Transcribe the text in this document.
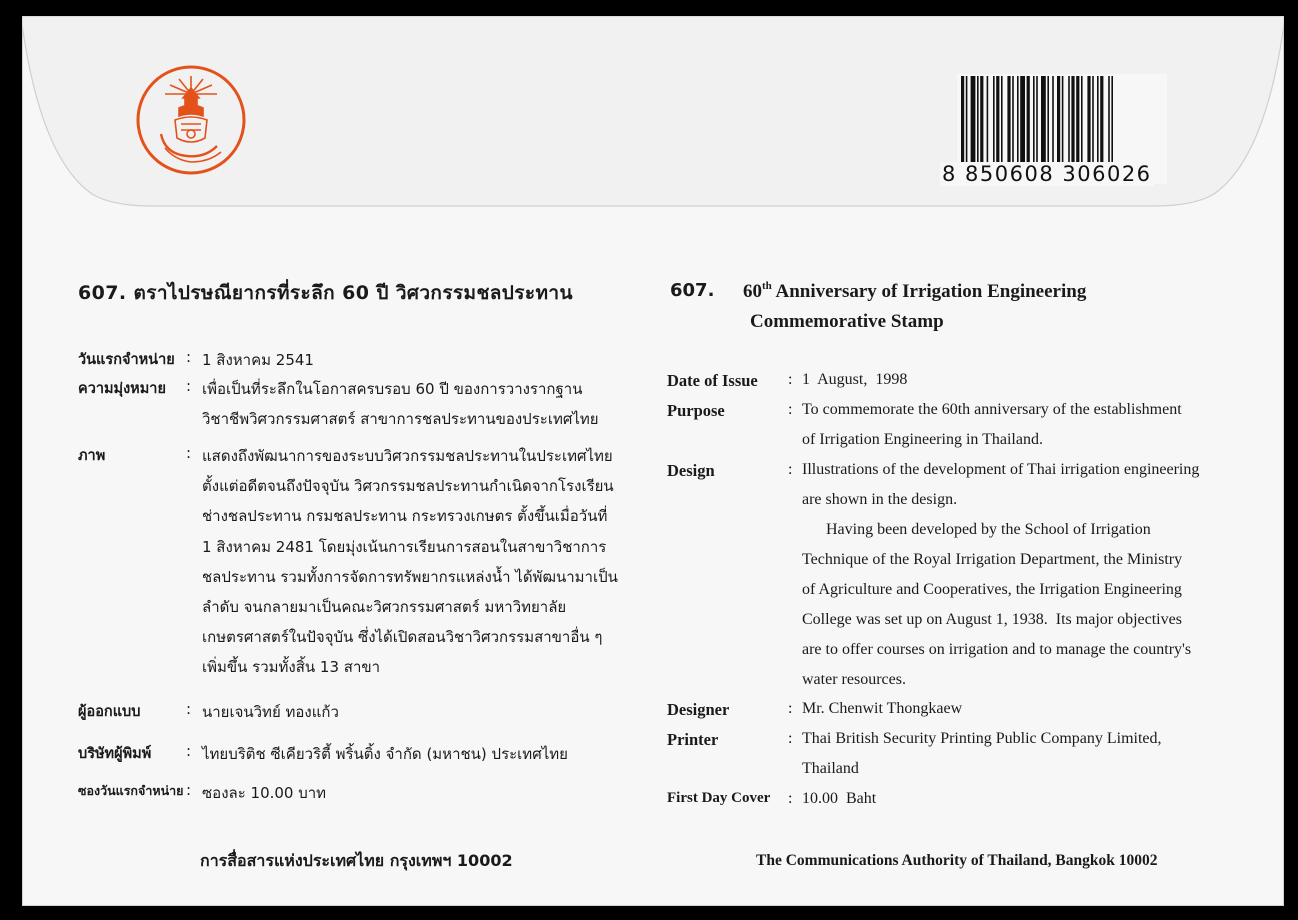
8 850608 306026
607. ตราไปรษณียากรที่ระลึก 60 ปี วิศวกรรมชลประทาน
วันแรกจำหน่าย : 1 สิงหาคม 2541
ความมุ่งหมาย : เพื่อเป็นที่ระลึกในโอกาสครบรอบ 60 ปี ของการวางรากฐาน
วิชาชีพวิศวกรรมศาสตร์ สาขาการชลประทานของประเทศไทย
ภาพ	: แสดงถึงพัฒนาการของระบบวิศวกรรมชลประทานในประเทศไทย
ตั้งแต่อดีตจนถึงปัจจุบัน วิศวกรรมชลประทานกำเนิดจากโรงเรียน
ช่างชลประทาน กรมชลประทาน กระทรวงเกษตร ตั้งขึ้นเมื่อวันที่
1 สิงหาคม 2481 โดยมุ่งเน้นการเรียนการสอนในสาขาวิชาการ
ชลประทาน รวมทั้งการจัดการทรัพยากรแหล่งน้ำ ได้พัฒนามาเป็น
ลำดับ จนกลายมาเป็นคณะวิศวกรรมศาสตร์ มหาวิทยาลัย
เกษตรศาสตร์ในปัจจุบัน ซึ่งได้เปิดสอนวิชาวิศวกรรมสาขาอื่น ๆ
เพิ่มขึ้น รวมทั้งสิ้น 13 สาขา
ผู้ออกแบบ	: นายเจนวิทย์ ทองแก้ว
บริษัทผู้พิมพ์ : ไทยบริติช ซีเคียวริตี้ พริ้นติ้ง จำกัด (มหาชน) ประเทศไทย
ซองวันแรกจำหน่าย : ซองละ 10.00 บาท
607. 60th Anniversary of Irrigation Engineering
Commemorative Stamp
Date of Issue : 1  August,  1998
Purpose	: To commemorate the 60th anniversary of the establishment
of Irrigation Engineering in Thailand.
Design	: Illustrations of the development of Thai irrigation engineering
are shown in the design.
Having been developed by the School of Irrigation
Technique of the Royal Irrigation Department, the Ministry
of Agriculture and Cooperatives, the Irrigation Engineering
College was set up on August 1, 1938.  Its major objectives
are to offer courses on irrigation and to manage the country's
water resources.
Designer	: Mr. Chenwit Thongkaew
Printer	: Thai British Security Printing Public Company Limited,
Thailand
First Day Cover : 10.00  Baht
การสื่อสารแห่งประเทศไทย กรุงเทพฯ 10002	The Communications Authority of Thailand, Bangkok 10002
